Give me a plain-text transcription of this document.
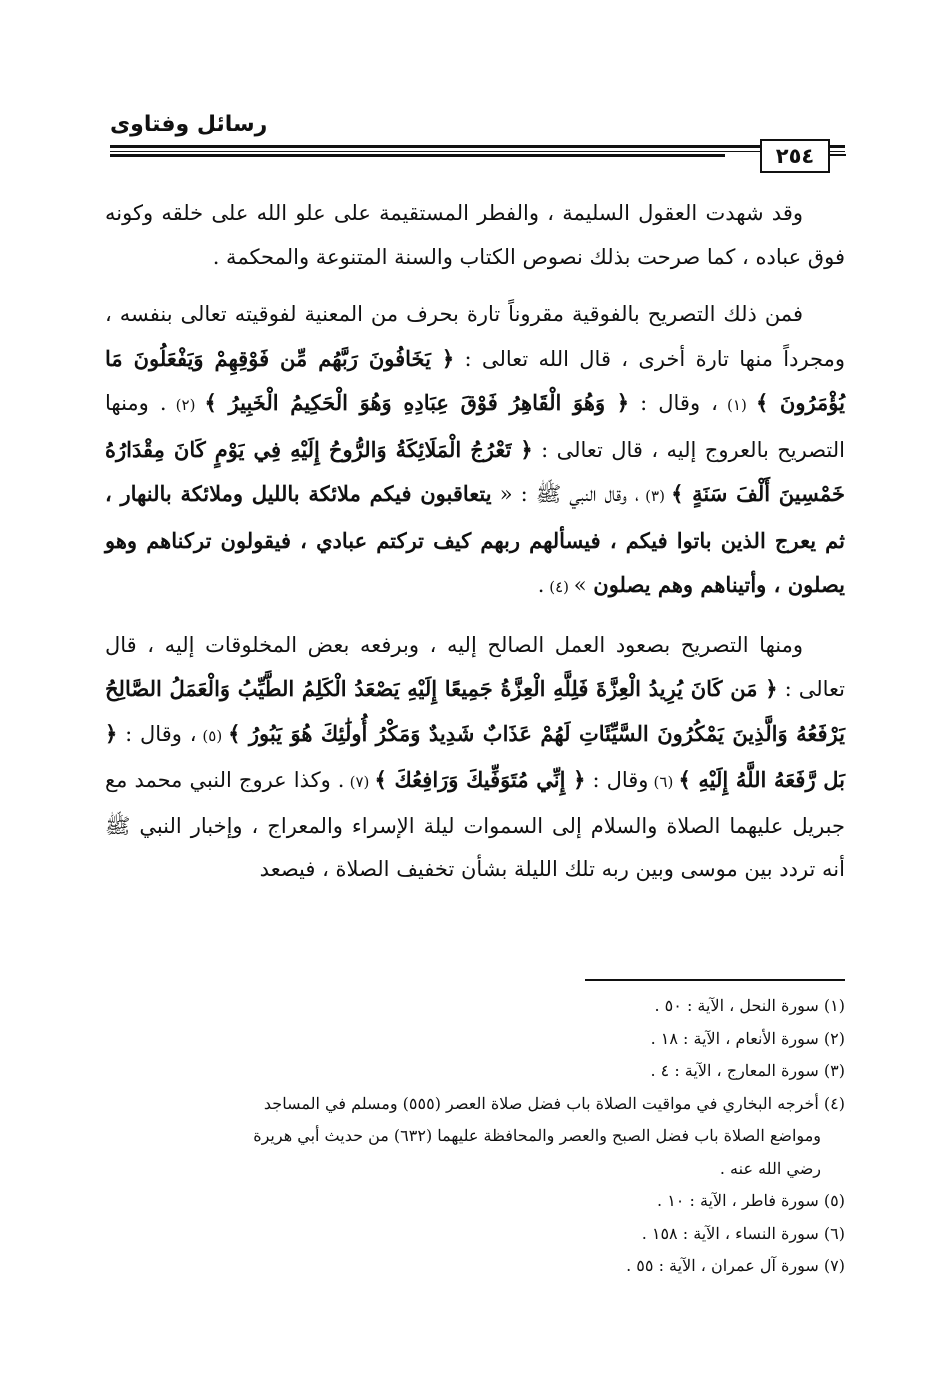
رسائل وفتاوى
٢٥٤

وقد شهدت العقول السليمة ، والفطر المستقيمة على علو الله على خلقه وكونه فوق عباده ، كما صرحت بذلك نصوص الكتاب والسنة المتنوعة والمحكمة .

فمن ذلك التصريح بالفوقية مقروناً تارة بحرف من المعنية لفوقيته تعالى بنفسه ، ومجرداً منها تارة أخرى ، قال الله تعالى : ﴿ يَخَافُونَ رَبَّهُم مِّن فَوْقِهِمْ وَيَفْعَلُونَ مَا يُؤْمَرُونَ ﴾ (١) ، وقال : ﴿ وَهُوَ الْقَاهِرُ فَوْقَ عِبَادِهِ وَهُوَ الْحَكِيمُ الْخَبِيرُ ﴾ (٢) . ومنها التصريح بالعروج إليه ، قال تعالى : ﴿ تَعْرُجُ الْمَلَائِكَةُ وَالرُّوحُ إِلَيْهِ فِي يَوْمٍ كَانَ مِقْدَارُهُ خَمْسِينَ أَلْفَ سَنَةٍ ﴾ (٣) ، وقال النبي ﷺ : « يتعاقبون فيكم ملائكة بالليل وملائكة بالنهار ، ثم يعرج الذين باتوا فيكم ، فيسألهم ربهم كيف تركتم عبادي ، فيقولون تركناهم وهو يصلون ، وأتيناهم وهم يصلون » (٤) .

ومنها التصريح بصعود العمل الصالح إليه ، وبرفعه بعض المخلوقات إليه ، قال تعالى : ﴿ مَن كَانَ يُرِيدُ الْعِزَّةَ فَلِلَّهِ الْعِزَّةُ جَمِيعًا إِلَيْهِ يَصْعَدُ الْكَلِمُ الطَّيِّبُ وَالْعَمَلُ الصَّالِحُ يَرْفَعُهُ وَالَّذِينَ يَمْكُرُونَ السَّيِّئَاتِ لَهُمْ عَذَابٌ شَدِيدٌ وَمَكْرُ أُولَٰئِكَ هُوَ يَبُورُ ﴾ (٥) ، وقال : ﴿ بَل رَّفَعَهُ اللَّهُ إِلَيْهِ ﴾ (٦) وقال : ﴿ إِنِّي مُتَوَفِّيكَ وَرَافِعُكَ ﴾ (٧) . وكذا عروج النبي محمد مع جبريل عليهما الصلاة والسلام إلى السموات ليلة الإسراء والمعراج ، وإخبار النبي ﷺ أنه تردد بين موسى وبين ربه تلك الليلة بشأن تخفيف الصلاة ، فيصعد

(١) سورة النحل ، الآية : ٥٠ .

(٢) سورة الأنعام ، الآية : ١٨ .

(٣) سورة المعارج ، الآية : ٤ .

(٤) أخرجه البخاري في مواقيت الصلاة باب فضل صلاة العصر (٥٥٥) ومسلم في المساجد

ومواضع الصلاة باب فضل الصبح والعصر والمحافظة عليهما (٦٣٢) من حديث أبي هريرة

رضي الله عنه .

(٥) سورة فاطر ، الآية : ١٠ .

(٦) سورة النساء ، الآية : ١٥٨ .

(٧) سورة آل عمران ، الآية : ٥٥ .
